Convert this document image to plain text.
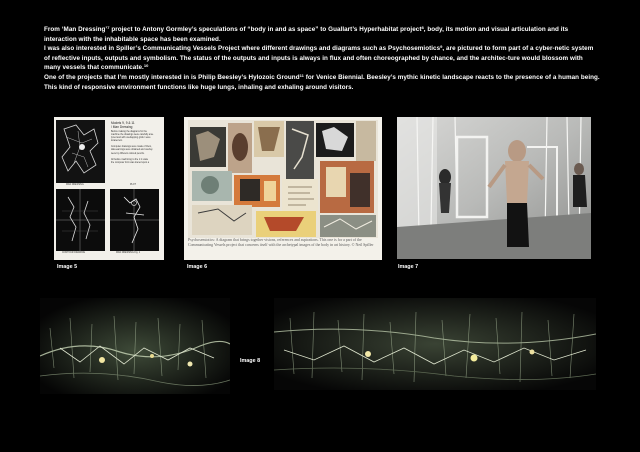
From ‘Man Dressing’$^7$ project to Antony Gormley’s speculations of “body in and as space” to Guallart’s Hyperhabitat project$^8$, body, its motion and visual articulation and its interaction with the inhabitable space has been examined.

I was also interested in Spiller’s Communicating Vessels Project where different drawings and diagrams such as Psychosemiotics$^9$, are pictured to form part of a cyber-netic system of reflective inputs, outputs and symbolism. The status of the outputs and inputs is always in flux and often choreographed by chance, and the architec-ture would blossom with many vessels that communicate.$^{10}$

One of the projects that I’m mostly interested in is Philip Beesley’s Hylozoic Ground$^{11}$ for Venice Biennial. Beesley’s mythic kinetic landscape reacts to the presence of a human being. This kind of responsive environment functions like huge lungs, inhaling and exhaling around visitors.

Models 9, 9 & 11
/ Man Dressing
Before making the diagrams for the
machine the drawings were carefully ana-
lyzed and with overlapping grids / were
located etc.
Computer drawings were made of them,
data earnings were obtained and overlay
were by different colored pencils.
All before machining to the 1:1 scale
the computer form was traced upon a
MAN DRESSING
CONTOUR DRAWING
PLOT
MAN DRESSING Fig. 1
Image 5
Psychosemiotics: A diagram that brings together visions, references and aspirations. This one is for a part of the Communicating Vessels project that concerns itself with the archetypal images of the body in art history. © Neil Spiller
Image 6	Image 7
Image 8
